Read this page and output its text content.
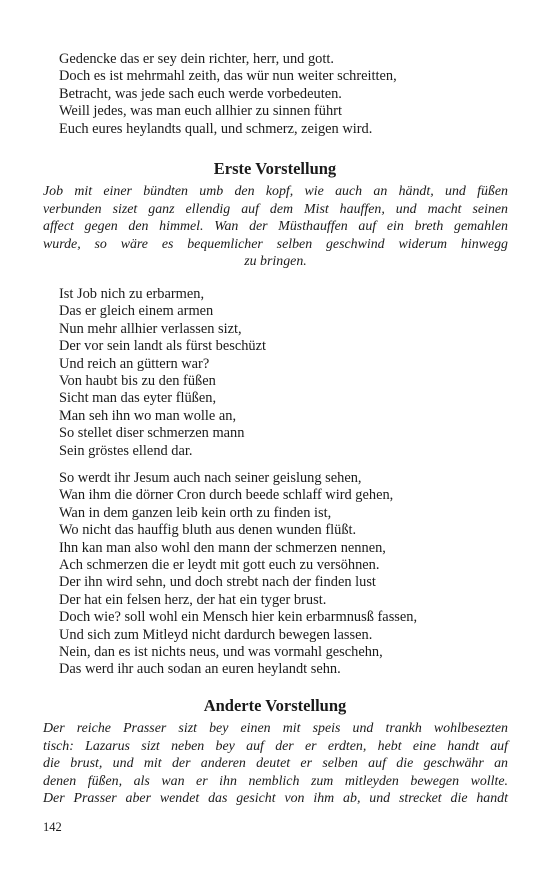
Gedencke das er sey dein richter, herr, und gott.
Doch es ist mehrmahl zeith, das wür nun weiter schreitten,
Betracht, was jede sach euch werde vorbedeuten.
Weill jedes, was man euch allhier zu sinnen führt
Euch eures heylandts quall, und schmerz, zeigen wird.
Erste Vorstellung
Job mit einer bündten umb den kopf, wie auch an händt, und füßen
verbunden sizet ganz ellendig auf dem Mist hauffen, und macht seinen
affect gegen den himmel. Wan der Müsthauffen auf ein breth gemahlen
wurde, so wäre es bequemlicher selben geschwind widerum hinwegg
zu bringen.
Ist Job nich zu erbarmen,
Das er gleich einem armen
Nun mehr allhier verlassen sizt,
Der vor sein landt als fürst beschüzt
Und reich an güttern war?
Von haubt bis zu den füßen
Sicht man das eyter flüßen,
Man seh ihn wo man wolle an,
So stellet diser schmerzen mann
Sein gröstes ellend dar.
So werdt ihr Jesum auch nach seiner geislung sehen,
Wan ihm die dörner Cron durch beede schlaff wird gehen,
Wan in dem ganzen leib kein orth zu finden ist,
Wo nicht das hauffig bluth aus denen wunden flüßt.
Ihn kan man also wohl den mann der schmerzen nennen,
Ach schmerzen die er leydt mit gott euch zu versöhnen.
Der ihn wird sehn, und doch strebt nach der finden lust
Der hat ein felsen herz, der hat ein tyger brust.
Doch wie? soll wohl ein Mensch hier kein erbarmnusß fassen,
Und sich zum Mitleyd nicht dardurch bewegen lassen.
Nein, dan es ist nichts neus, und was vormahl geschehn,
Das werd ihr auch sodan an euren heylandt sehn.
Anderte Vorstellung
Der reiche Prasser sizt bey einen mit speis und trankh wohlbesezten
tisch: Lazarus sizt neben bey auf der er erdten, hebt eine handt auf
die brust, und mit der anderen deutet er selben auf die geschwähr an
denen füßen, als wan er ihn nemblich zum mitleyden bewegen wollte.
Der Prasser aber wendet das gesicht von ihm ab, und strecket die handt
142
